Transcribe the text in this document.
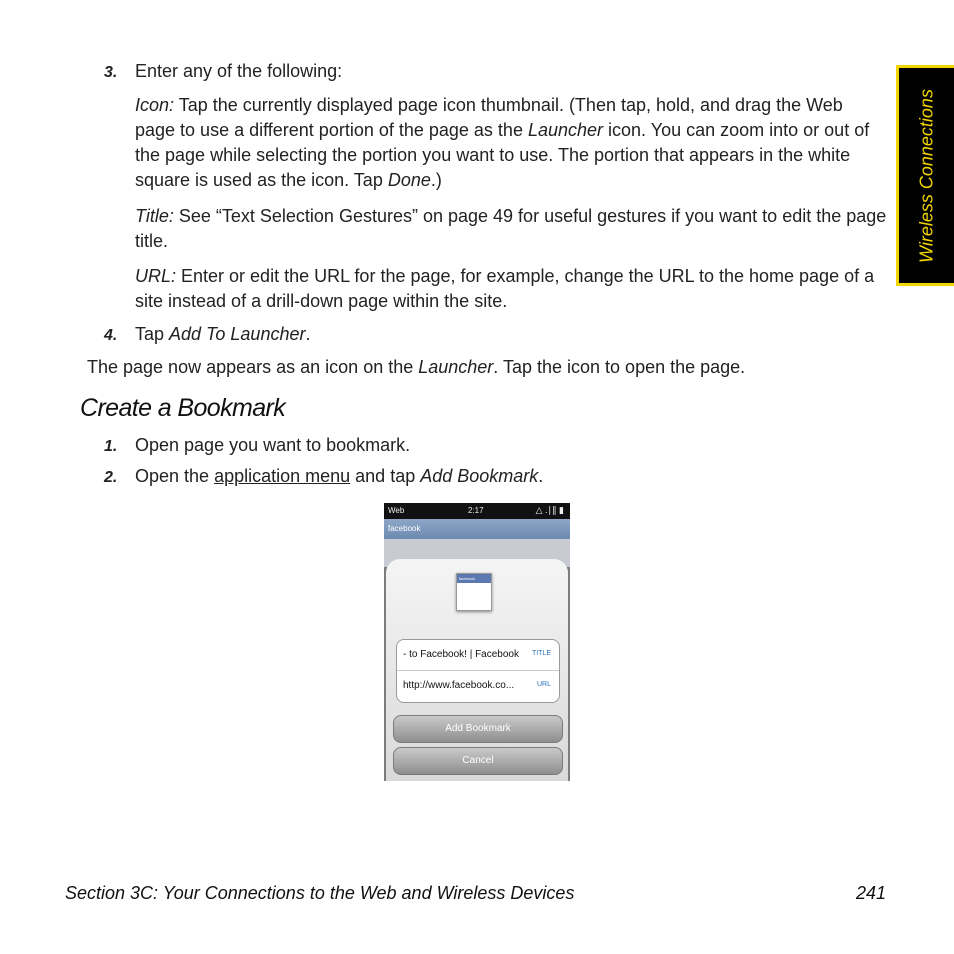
Wireless Connections
3. Enter any of the following:
Icon: Tap the currently displayed page icon thumbnail. (Then tap, hold, and drag the Web page to use a different portion of the page as the Launcher icon. You can zoom into or out of the page while selecting the portion you want to use. The portion that appears in the white square is used as the icon. Tap Done.)
Title: See “Text Selection Gestures” on page 49 for useful gestures if you want to edit the page title.
URL: Enter or edit the URL for the page, for example, change the URL to the home page of a site instead of a drill-down page within the site.
4. Tap Add To Launcher.
The page now appears as an icon on the Launcher. Tap the icon to open the page.
Create a Bookmark
1. Open page you want to bookmark.
2. Open the application menu and tap Add Bookmark.
Web	2:17	△ .∣∥ ▮
facebook
facebook
- to Facebook! | Facebook TITLE
http://www.facebook.co...	URL
Add Bookmark
Cancel
Section 3C: Your Connections to the Web and Wireless Devices	241
